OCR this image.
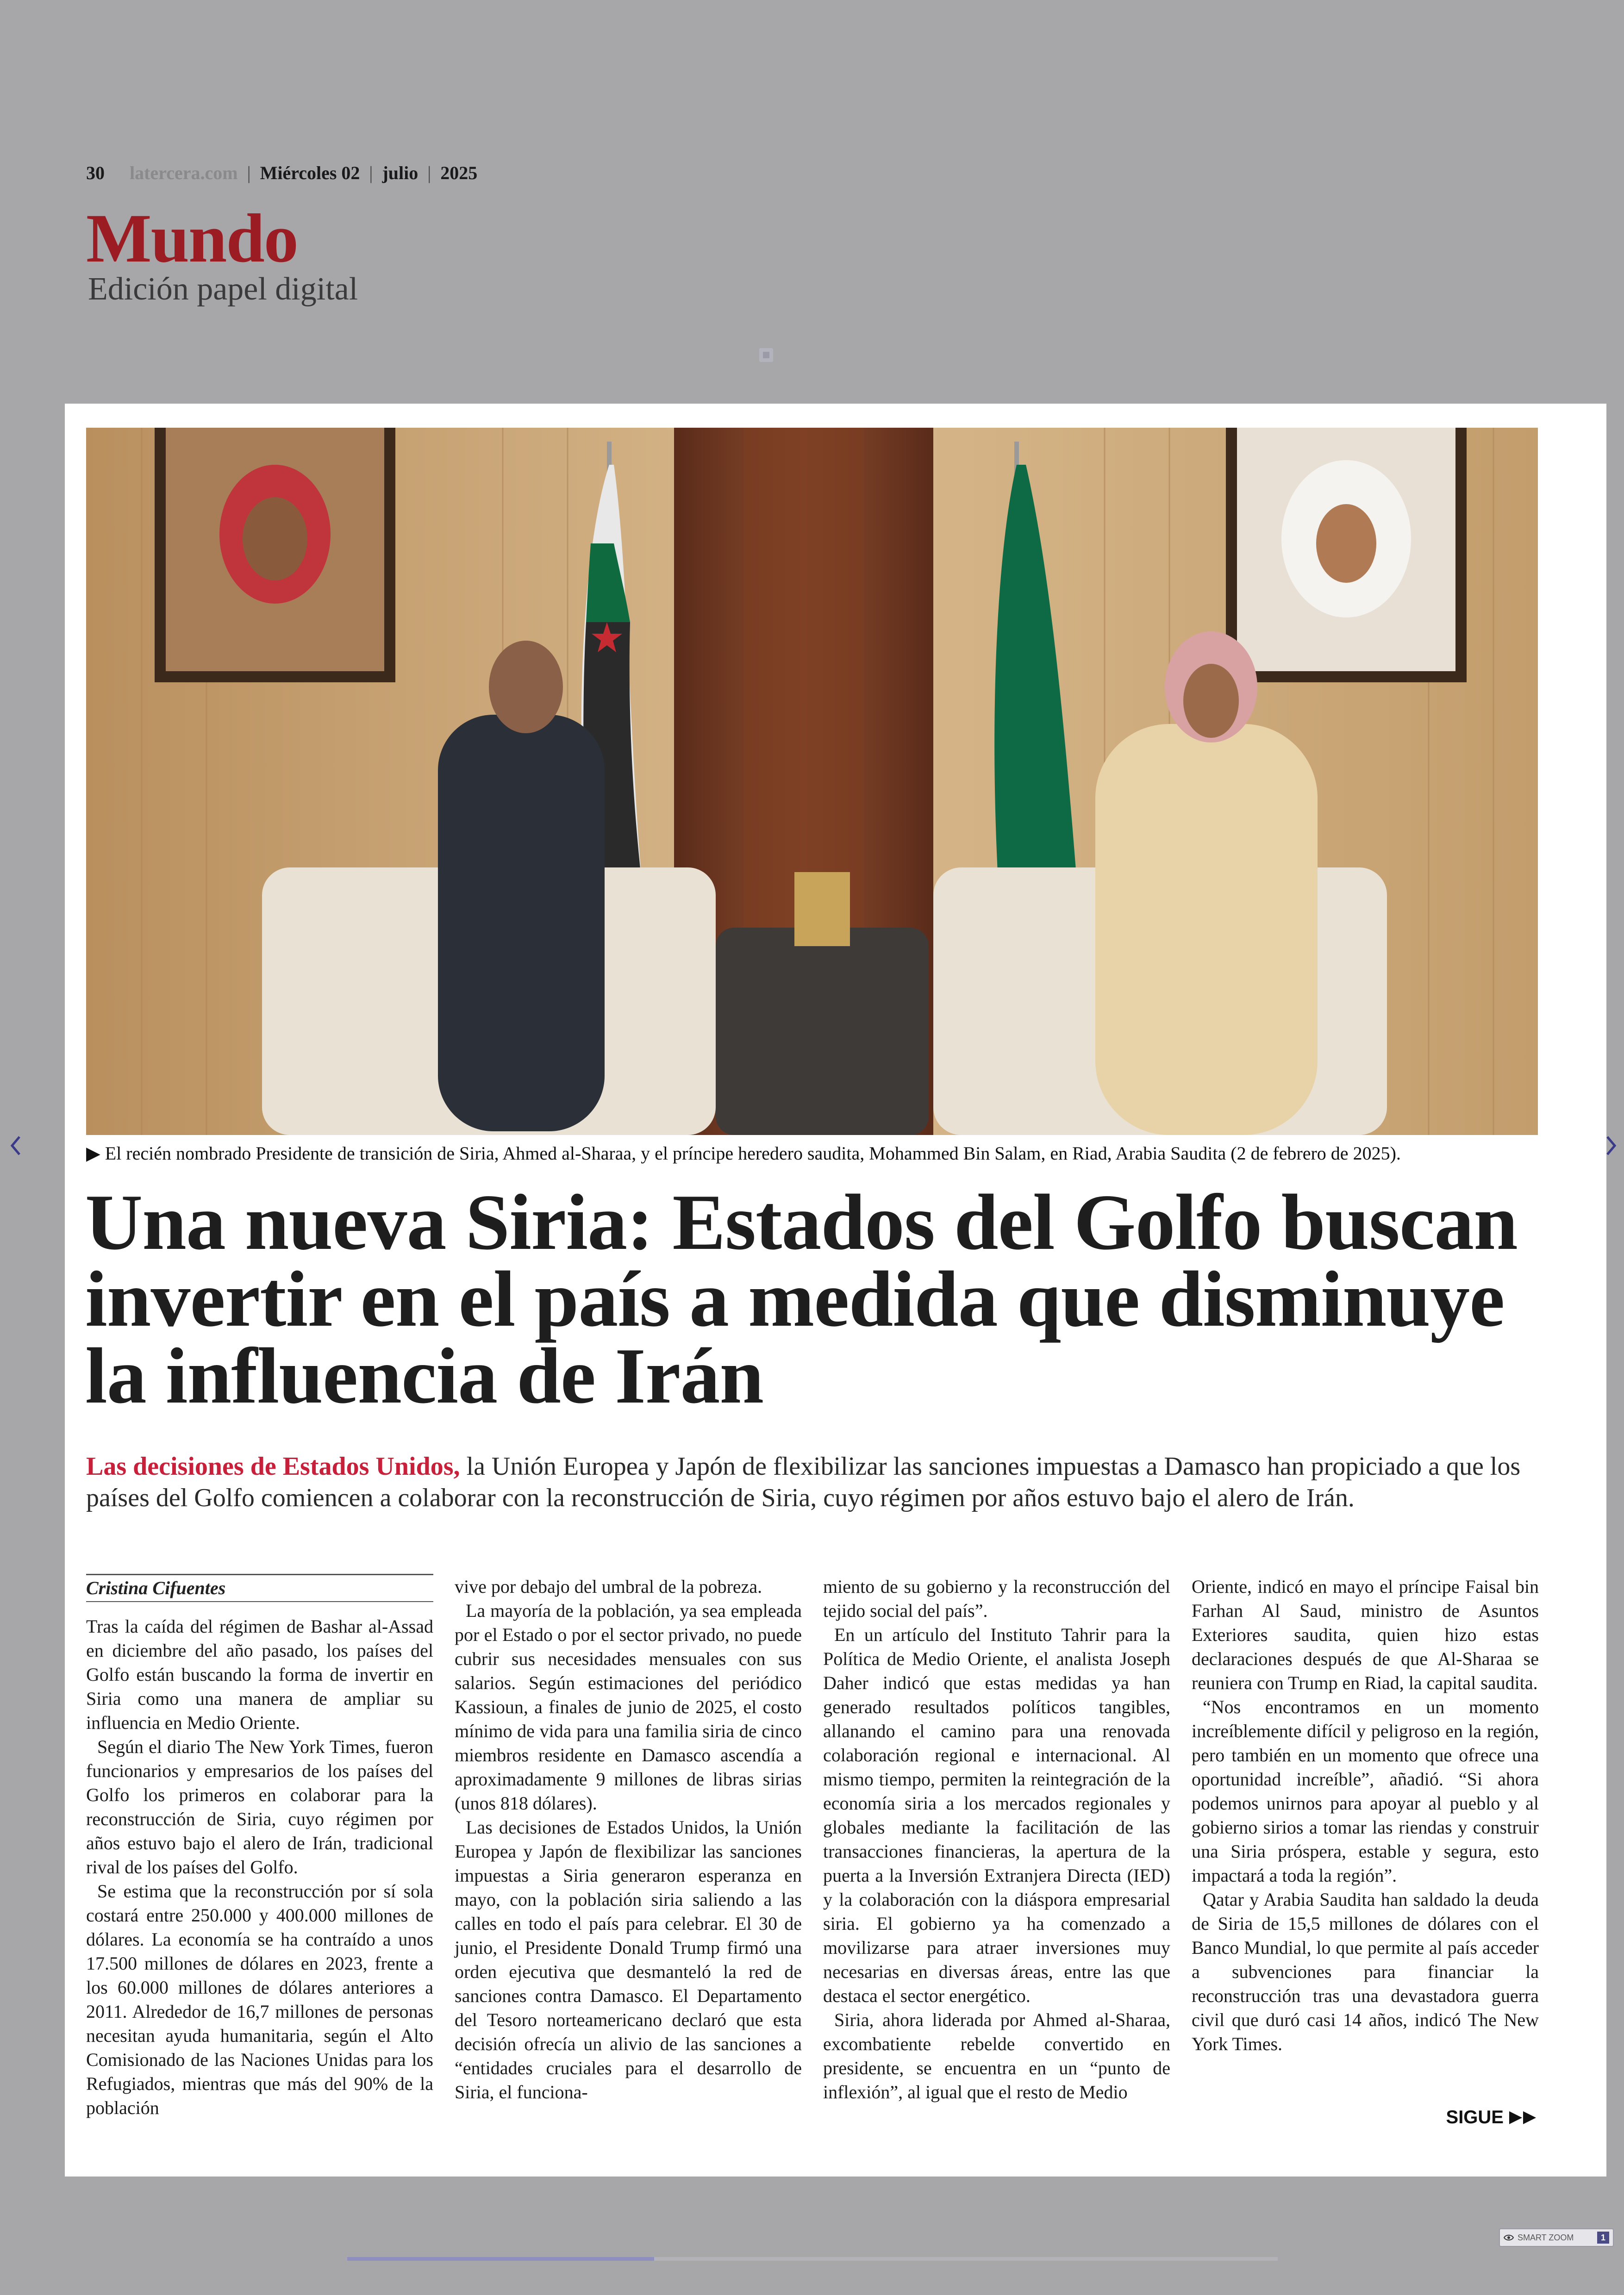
30 latercera.com | Miércoles 02 | julio | 2025
Mundo
Edición papel digital
▶ El recién nombrado Presidente de transición de Siria, Ahmed al-Sharaa, y el príncipe heredero saudita, Mohammed Bin Salam, en Riad, Arabia Saudita (2 de febrero de 2025).
Una nueva Siria: Estados del Golfo buscan invertir en el país a medida que disminuye la influencia de Irán
Las decisiones de Estados Unidos, la Unión Europea y Japón de flexibilizar las sanciones impuestas a Damasco han propiciado a que los países del Golfo comiencen a colaborar con la reconstrucción de Siria, cuyo régimen por años estuvo bajo el alero de Irán.
Cristina Cifuentes

Tras la caída del régimen de Bashar al-Assad en diciembre del año pasado, los países del Golfo están buscando la forma de invertir en Siria como una manera de ampliar su influencia en Medio Oriente.

Según el diario The New York Times, fueron funcionarios y empresarios de los países del Golfo los primeros en colaborar para la reconstrucción de Siria, cuyo régimen por años estuvo bajo el alero de Irán, tradicional rival de los países del Golfo.

Se estima que la reconstrucción por sí sola costará entre 250.000 y 400.000 millones de dólares. La economía se ha contraído a unos 17.500 millones de dólares en 2023, frente a los 60.000 millones de dólares anteriores a 2011. Alrededor de 16,7 millones de personas necesitan ayuda humanitaria, según el Alto Comisionado de las Naciones Unidas para los Refugiados, mientras que más del 90% de la población

vive por debajo del umbral de la pobreza.

La mayoría de la población, ya sea empleada por el Estado o por el sector privado, no puede cubrir sus necesidades mensuales con sus salarios. Según estimaciones del periódico Kassioun, a finales de junio de 2025, el costo mínimo de vida para una familia siria de cinco miembros residente en Damasco ascendía a aproximadamente 9 millones de libras sirias (unos 818 dólares).

Las decisiones de Estados Unidos, la Unión Europea y Japón de flexibilizar las sanciones impuestas a Siria generaron esperanza en mayo, con la población siria saliendo a las calles en todo el país para celebrar. El 30 de junio, el Presidente Donald Trump firmó una orden ejecutiva que desmanteló la red de sanciones contra Damasco. El Departamento del Tesoro norteamericano declaró que esta decisión ofrecía un alivio de las sanciones a “entidades cruciales para el desarrollo de Siria, el funciona-

miento de su gobierno y la reconstrucción del tejido social del país”.

En un artículo del Instituto Tahrir para la Política de Medio Oriente, el analista Joseph Daher indicó que estas medidas ya han generado resultados políticos tangibles, allanando el camino para una renovada colaboración regional e internacional. Al mismo tiempo, permiten la reintegración de la economía siria a los mercados regionales y globales mediante la facilitación de las transacciones financieras, la apertura de la puerta a la Inversión Extranjera Directa (IED) y la colaboración con la diáspora empresarial siria. El gobierno ya ha comenzado a movilizarse para atraer inversiones muy necesarias en diversas áreas, entre las que destaca el sector energético.

Siria, ahora liderada por Ahmed al-Sharaa, excombatiente rebelde convertido en presidente, se encuentra en un “punto de inflexión”, al igual que el resto de Medio

Oriente, indicó en mayo el príncipe Faisal bin Farhan Al Saud, ministro de Asuntos Exteriores saudita, quien hizo estas declaraciones después de que Al-Sharaa se reuniera con Trump en Riad, la capital saudita.

“Nos encontramos en un momento increíblemente difícil y peligroso en la región, pero también en un momento que ofrece una oportunidad increíble”, añadió. “Si ahora podemos unirnos para apoyar al pueblo y al gobierno sirios a tomar las riendas y construir una Siria próspera, estable y segura, esto impactará a toda la región”.

Qatar y Arabia Saudita han saldado la deuda de Siria de 15,5 millones de dólares con el Banco Mundial, lo que permite al país acceder a subvenciones para financiar la reconstrucción tras una devastadora guerra civil que duró casi 14 años, indicó The New York Times.

SIGUE
SMART ZOOM	1
